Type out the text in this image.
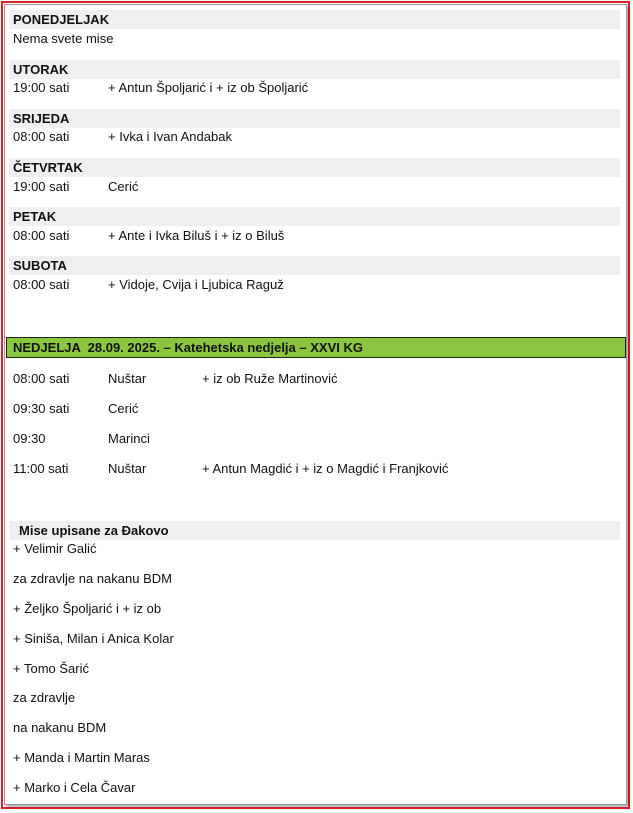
PONEDJELJAK
Nema svete mise
UTORAK
19:00 sati	+ Antun Špoljarić i + iz ob Špoljarić
SRIJEDA
08:00 sati	+ Ivka i Ivan Andabak
ČETVRTAK
19:00 sati	Cerić
PETAK
08:00 sati	+ Ante i Ivka Biluš i + iz o Biluš
SUBOTA
08:00 sati	+ Vidoje, Cvija i Ljubica Raguž
NEDJELJA  28.09. 2025. – Katehetska nedjelja – XXVI KG
08:00 sati	Nuštar	+ iz ob Ruže Martinović
09:30 sati	Cerić
09:30	Marinci
11:00 sati	Nuštar	+ Antun Magdić i + iz o Magdić i Franjković
Mise upisane za Đakovo
+ Velimir Galić
za zdravlje na nakanu BDM
+ Željko Špoljarić i + iz ob
+ Siniša, Milan i Anica Kolar
+ Tomo Šarić
za zdravlje
na nakanu BDM
+ Manda i Martin Maras
+ Marko i Cela Čavar
